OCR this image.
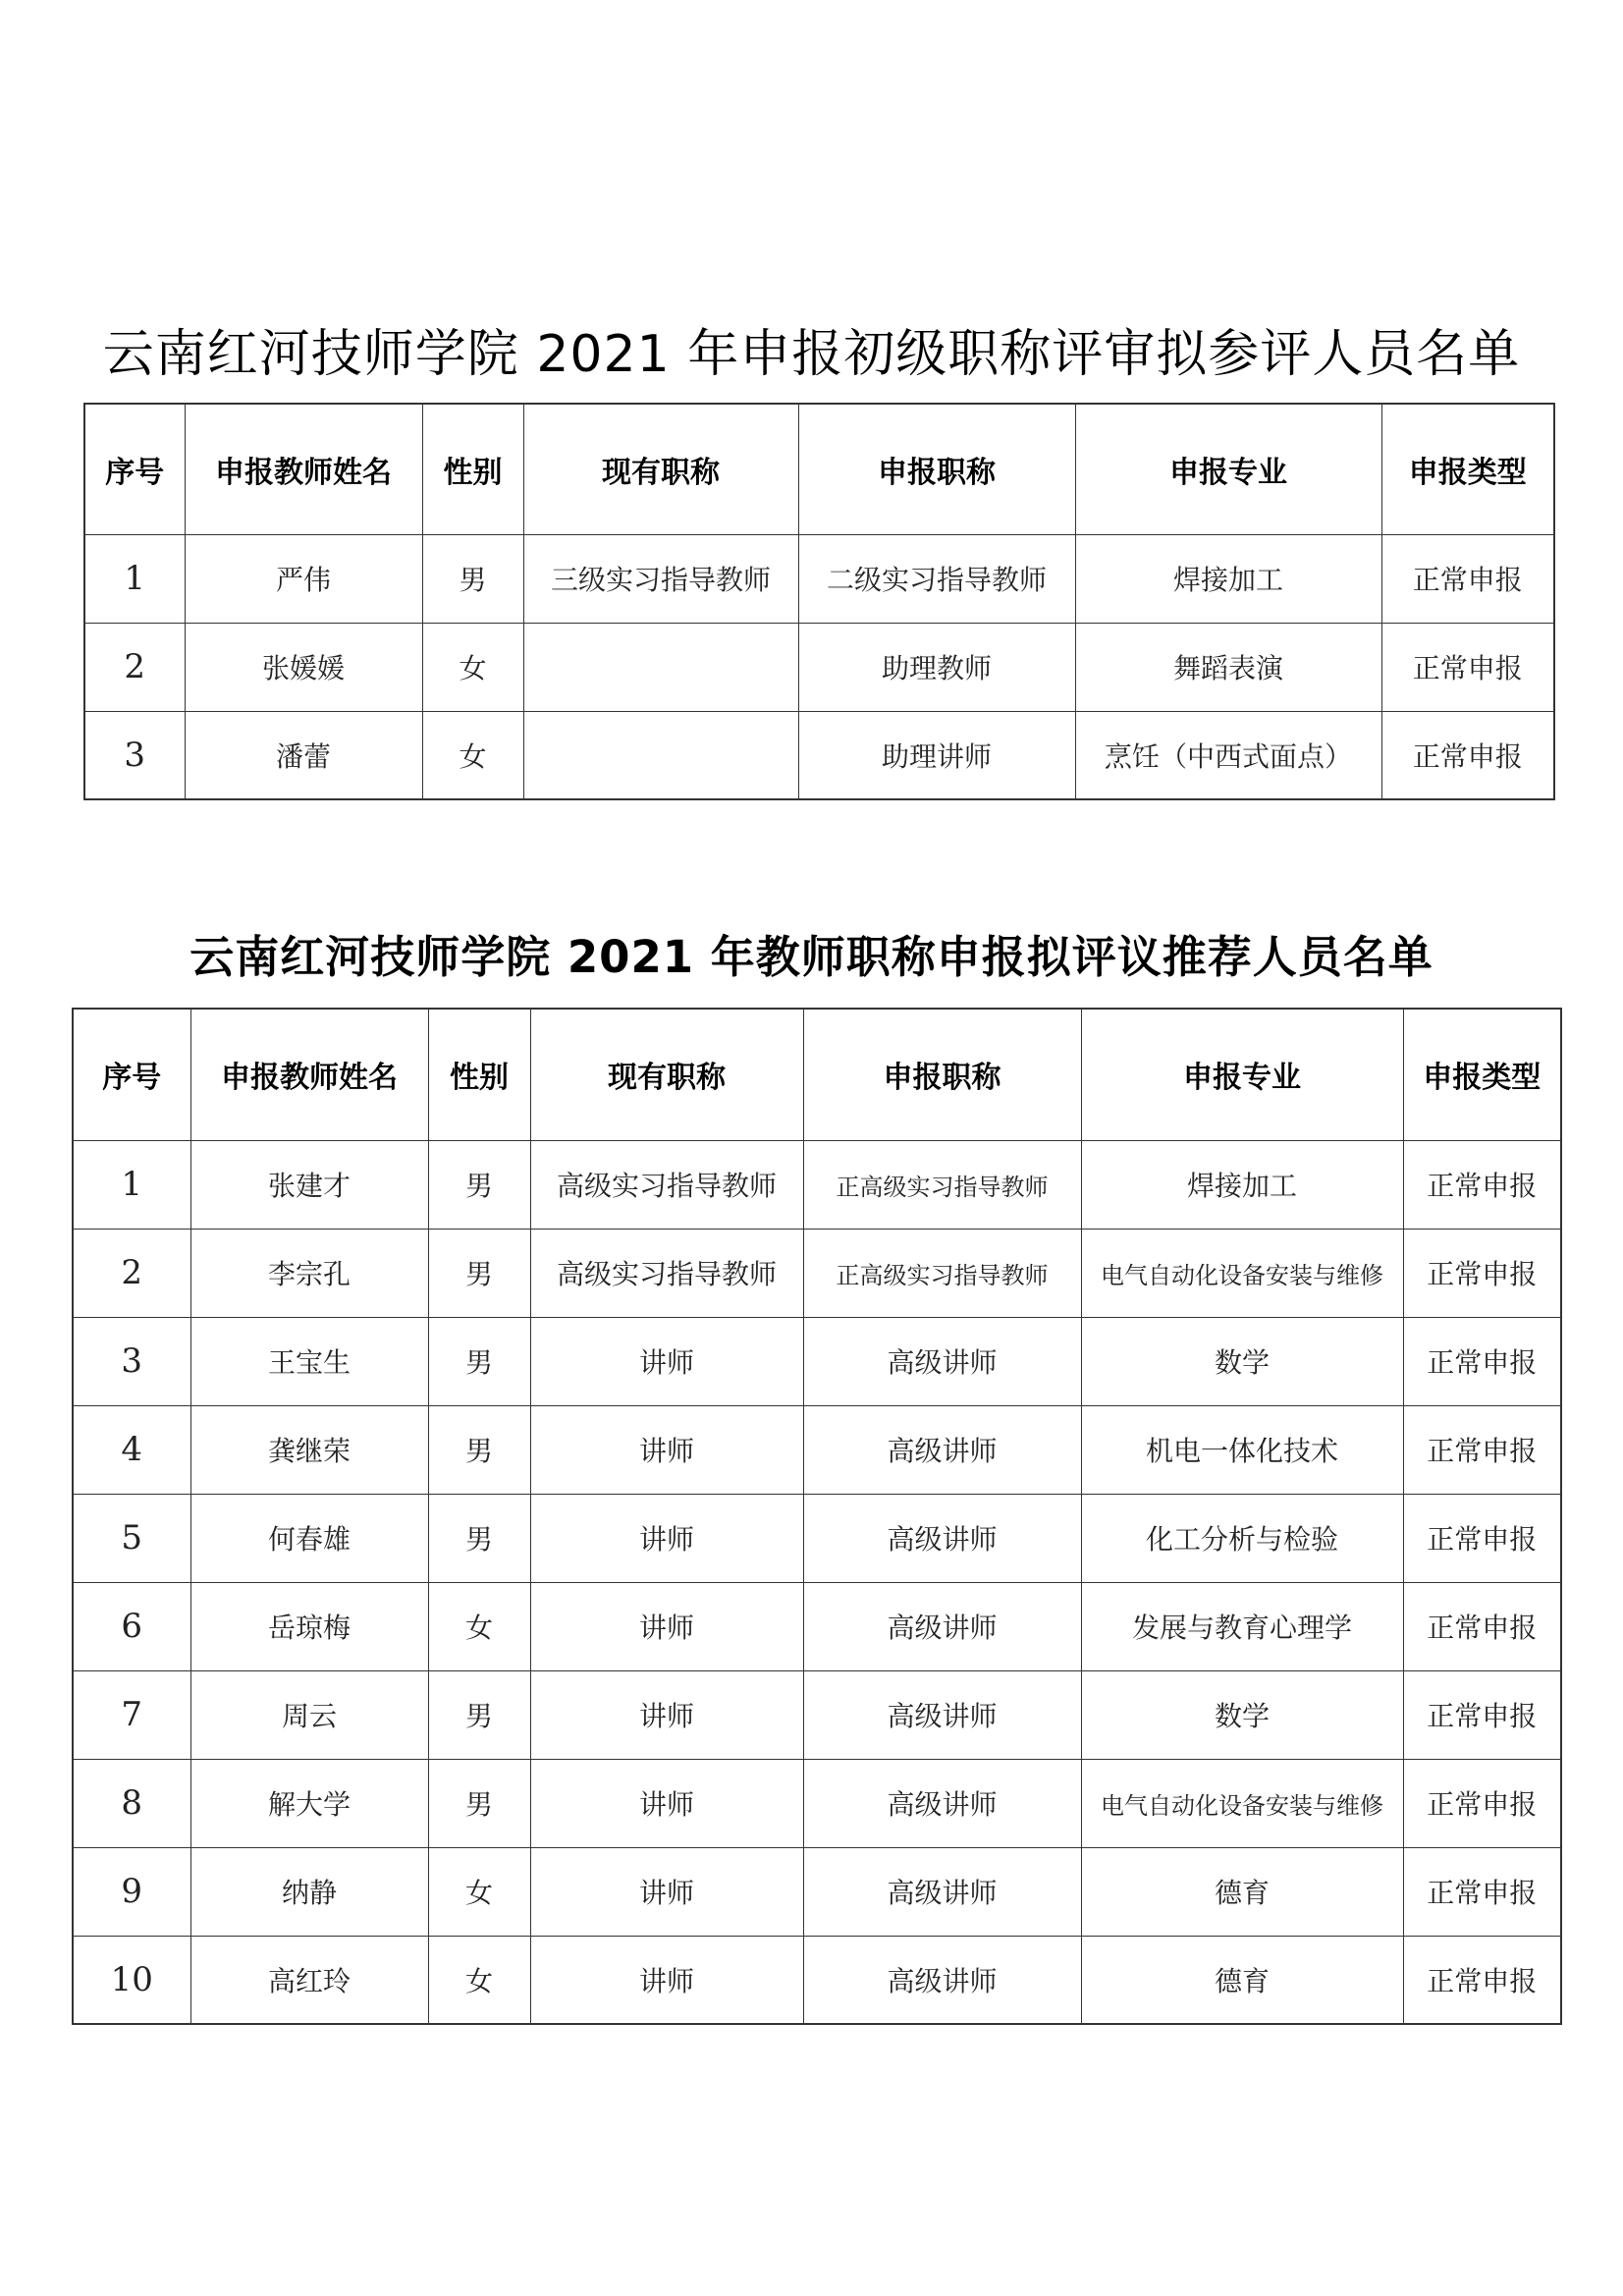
云南红河技师学院 2021 年申报初级职称评审拟参评人员名单
序号	申报教师姓名	性别	现有职称	申报职称	申报专业	申报类型
1	严伟	男	三级实习指导教师	二级实习指导教师	焊接加工	正常申报
2	张媛媛	女		助理教师	舞蹈表演	正常申报
3	潘蕾	女		助理讲师	烹饪（中西式面点）	正常申报
云南红河技师学院 2021 年教师职称申报拟评议推荐人员名单
序号	申报教师姓名	性别	现有职称	申报职称	申报专业	申报类型
1	张建才	男	高级实习指导教师	正高级实习指导教师	焊接加工	正常申报
2	李宗孔	男	高级实习指导教师	正高级实习指导教师	电气自动化设备安装与维修	正常申报
3	王宝生	男	讲师	高级讲师	数学	正常申报
4	龚继荣	男	讲师	高级讲师	机电一体化技术	正常申报
5	何春雄	男	讲师	高级讲师	化工分析与检验	正常申报
6	岳琼梅	女	讲师	高级讲师	发展与教育心理学	正常申报
7	周云	男	讲师	高级讲师	数学	正常申报
8	解大学	男	讲师	高级讲师	电气自动化设备安装与维修	正常申报
9	纳静	女	讲师	高级讲师	德育	正常申报
10	高红玲	女	讲师	高级讲师	德育	正常申报
